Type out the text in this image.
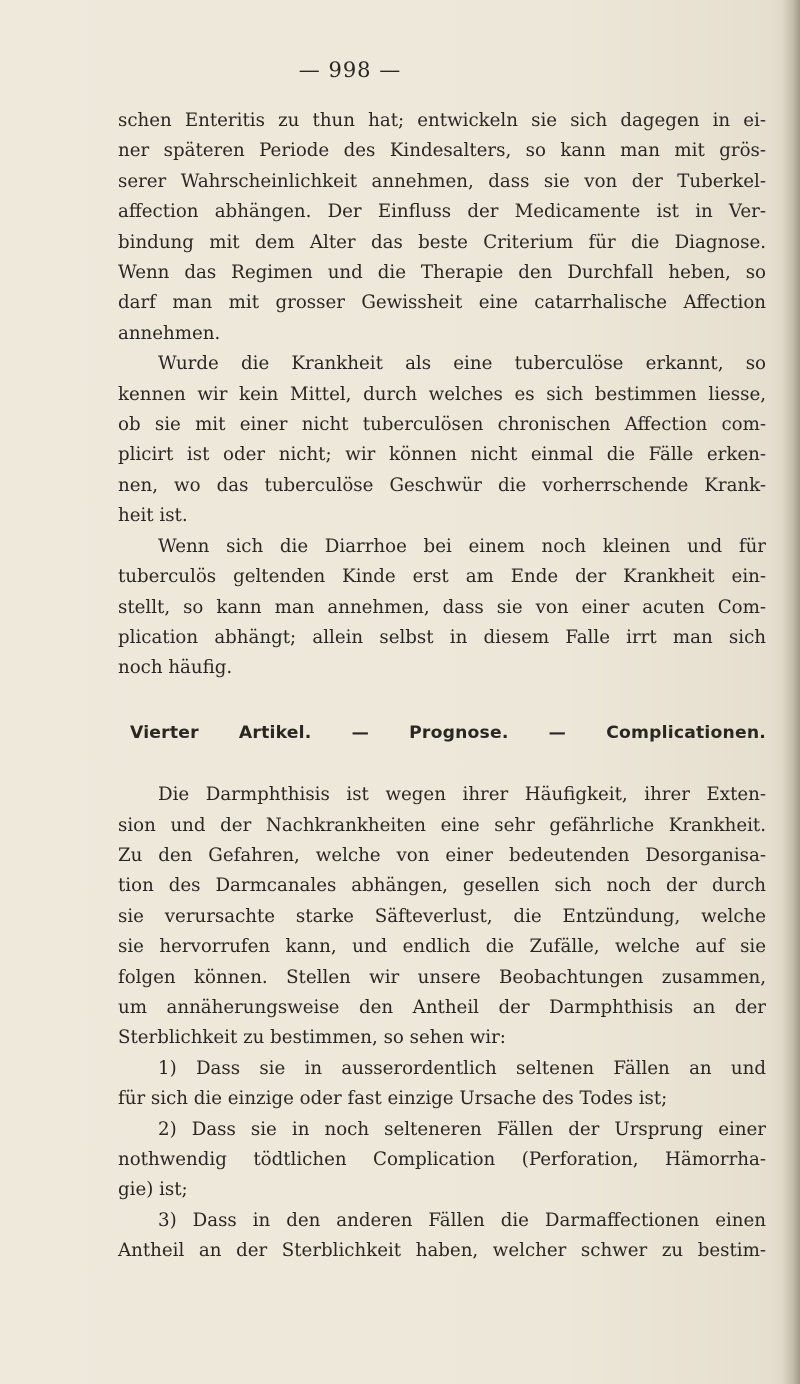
— 998 —
schen Enteritis zu thun hat; entwickeln sie sich dagegen in ei-
ner späteren Periode des Kindesalters, so kann man mit grös-
serer Wahrscheinlichkeit annehmen, dass sie von der Tuberkel-
affection abhängen. Der Einfluss der Medicamente ist in Ver-
bindung mit dem Alter das beste Criterium für die Diagnose.
Wenn das Regimen und die Therapie den Durchfall heben, so
darf man mit grosser Gewissheit eine catarrhalische Affection
annehmen.
Wurde die Krankheit als eine tuberculöse erkannt, so
kennen wir kein Mittel, durch welches es sich bestimmen liesse,
ob sie mit einer nicht tuberculösen chronischen Affection com-
plicirt ist oder nicht; wir können nicht einmal die Fälle erken-
nen, wo das tuberculöse Geschwür die vorherrschende Krank-
heit ist.
Wenn sich die Diarrhoe bei einem noch kleinen und für
tuberculös geltenden Kinde erst am Ende der Krankheit ein-
stellt, so kann man annehmen, dass sie von einer acuten Com-
plication abhängt; allein selbst in diesem Falle irrt man sich
noch häufig.
Vierter Artikel. — Prognose. — Complicationen.
Die Darmphthisis ist wegen ihrer Häufigkeit, ihrer Exten-
sion und der Nachkrankheiten eine sehr gefährliche Krankheit.
Zu den Gefahren, welche von einer bedeutenden Desorganisa-
tion des Darmcanales abhängen, gesellen sich noch der durch
sie verursachte starke Säfteverlust, die Entzündung, welche
sie hervorrufen kann, und endlich die Zufälle, welche auf sie
folgen können. Stellen wir unsere Beobachtungen zusammen,
um annäherungsweise den Antheil der Darmphthisis an der
Sterblichkeit zu bestimmen, so sehen wir:
1) Dass sie in ausserordentlich seltenen Fällen an und
für sich die einzige oder fast einzige Ursache des Todes ist;
2) Dass sie in noch selteneren Fällen der Ursprung einer
nothwendig tödtlichen Complication (Perforation, Hämorrha-
gie) ist;
3) Dass in den anderen Fällen die Darmaffectionen einen
Antheil an der Sterblichkeit haben, welcher schwer zu bestim-
